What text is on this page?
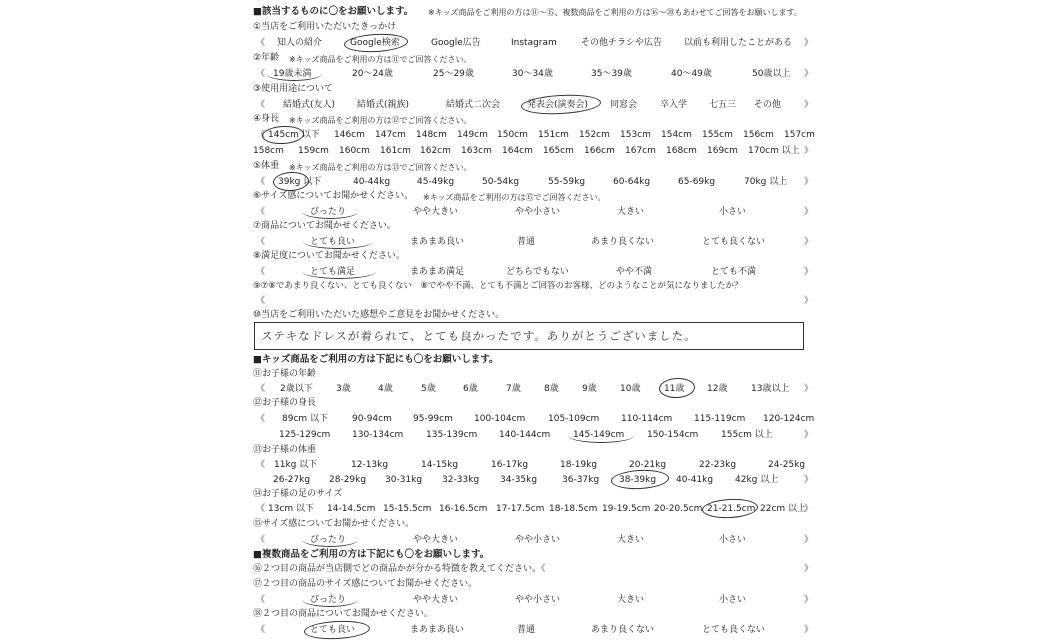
■該当するものに〇をお願いします。 ※キッズ商品をご利用の方は⑪～⑮、複数商品をご利用の方は⑯～⑳もあわせてご回答をお願いします。
①当店をご利用いただいたきっかけ
《 知人の紹介	Google検索	Google広告	Instagram	その他チラシや広告 以前も利用したことがある 》
②年齢 ※キッズ商品をご利用の方は⑪でご回答ください。
《 19歳未満	20～24歳	25～29歳	30～34歳	35～39歳	40～49歳	50歳以上 》
③使用用途について
《 結婚式(友人) 結婚式(親族)	結婚式二次会	発表会(演奏会) 同窓会	卒入学 七五三 その他	》
④身長 ※キッズ商品をご利用の方は⑫でご回答ください。
《 145cm 以下 146cm 147cm 148cm 149cm 150cm 151cm 152cm 153cm 154cm 155cm 156cm 157cm
158cm 159cm 160cm 161cm 162cm 163cm 164cm 165cm 166cm 167cm 168cm 169cm 170cm 以上 》
⑤体重 ※キッズ商品をご利用の方は⑬でご回答ください。
《 39kg 以下	40-44kg	45-49kg	50-54kg	55-59kg	60-64kg	65-69kg	70kg 以上 》
⑥サイズ感についてお聞かせください。 ※キッズ商品をご利用の方は⑮でご回答ください。
《	ぴったり	やや大きい	やや小さい	大きい	小さい	》
⑦商品についてお聞かせください。
《	とても良い	まあまあ良い	普通	あまり良くない	とても良くない	》
⑧満足度についてお聞かせください。
《	とても満足	まあまあ満足	どちらでもない	やや不満	とても不満	》
⑨⑦⑧であまり良くない、とても良くない　⑧でやや不満、とても不満とご回答のお客様、どのようなことが気になりましたか？
《	》
⑩当店をご利用いただいた感想やご意見をお聞かせください。
ステキなドレスが着られて、とても良かったです。ありがとうございました。
■キッズ商品をご利用の方は下記にも〇をお願いします。
⑪お子様の年齢
《 2歳以下	3歳	4歳	5歳	6歳	7歳	8歳	9歳	10歳	11歳	12歳	13歳以上 》
⑫お子様の身長
《 89cm 以下	90-94cm 95-99cm 100-104cm	105-109cm 110-114cm 115-119cm 120-124cm
125-129cm 130-134cm	135-139cm 140-144cm	145-149cm	150-154cm	155cm 以上	》
⑬お子様の体重
《 11kg 以下	12-13kg	14-15kg	16-17kg	18-19kg	20-21kg	22-23kg	24-25kg
26-27kg 28-29kg 30-31kg 32-33kg 34-35kg	36-37kg 38-39kg 40-41kg 42kg 以上	》
⑭お子様の足のサイズ
《 13cm 以下 14-14.5cm 15-15.5cm 16-16.5cm 17-17.5cm 18-18.5cm 19-19.5cm 20-20.5cm 21-21.5cm 22cm 以上
》
⑮サイズ感についてお聞かせください。
《	ぴったり	やや大きい	やや小さい	大きい	小さい	》
■複数商品をご利用の方は下記にも〇をお願いします。
⑯２つ目の商品が当店側でどの商品かが分かる特徴を教えてください。《	》
⑰２つ目の商品のサイズ感についてお聞かせください。
《	ぴったり	やや大きい	やや小さい	大きい	小さい	》
⑱２つ目の商品についてお聞かせください。
《	とても良い	まあまあ良い	普通	あまり良くない	とても良くない	》
